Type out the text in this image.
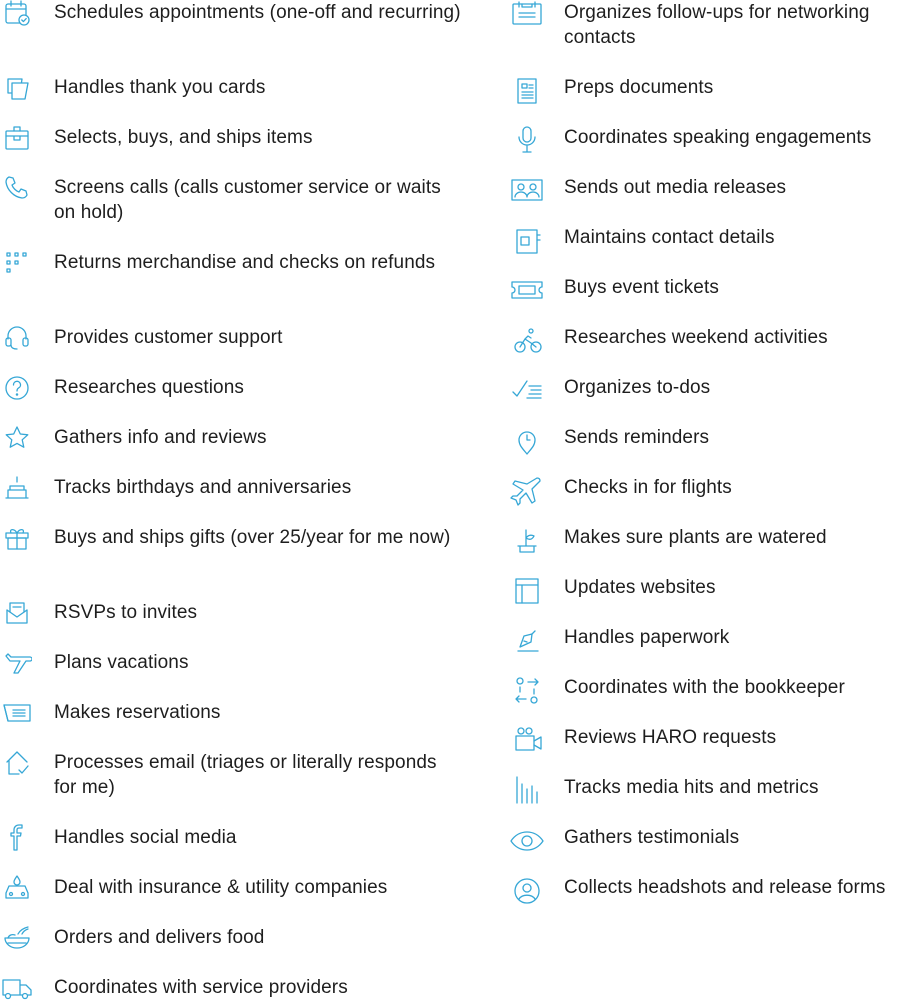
Schedules appointments (one-off and recurring)
Handles thank you cards
Selects, buys, and ships items
Screens calls (calls customer service or waits on hold)
Returns merchandise and checks on refunds
Provides customer support
Researches questions
Gathers info and reviews
Tracks birthdays and anniversaries
Buys and ships gifts (over 25/year for me now)
RSVPs to invites
Plans vacations
Makes reservations
Processes email (triages or literally responds for me)
Handles social media
Deal with insurance & utility companies
Orders and delivers food
Coordinates with service providers
Organizes follow-ups for networking contacts
Preps documents
Coordinates speaking engagements
Sends out media releases
Maintains contact details
Buys event tickets
Researches weekend activities
Organizes to-dos
Sends reminders
Checks in for flights
Makes sure plants are watered
Updates websites
Handles paperwork
Coordinates with the bookkeeper
Reviews HARO requests
Tracks media hits and metrics
Gathers testimonials
Collects headshots and release forms
